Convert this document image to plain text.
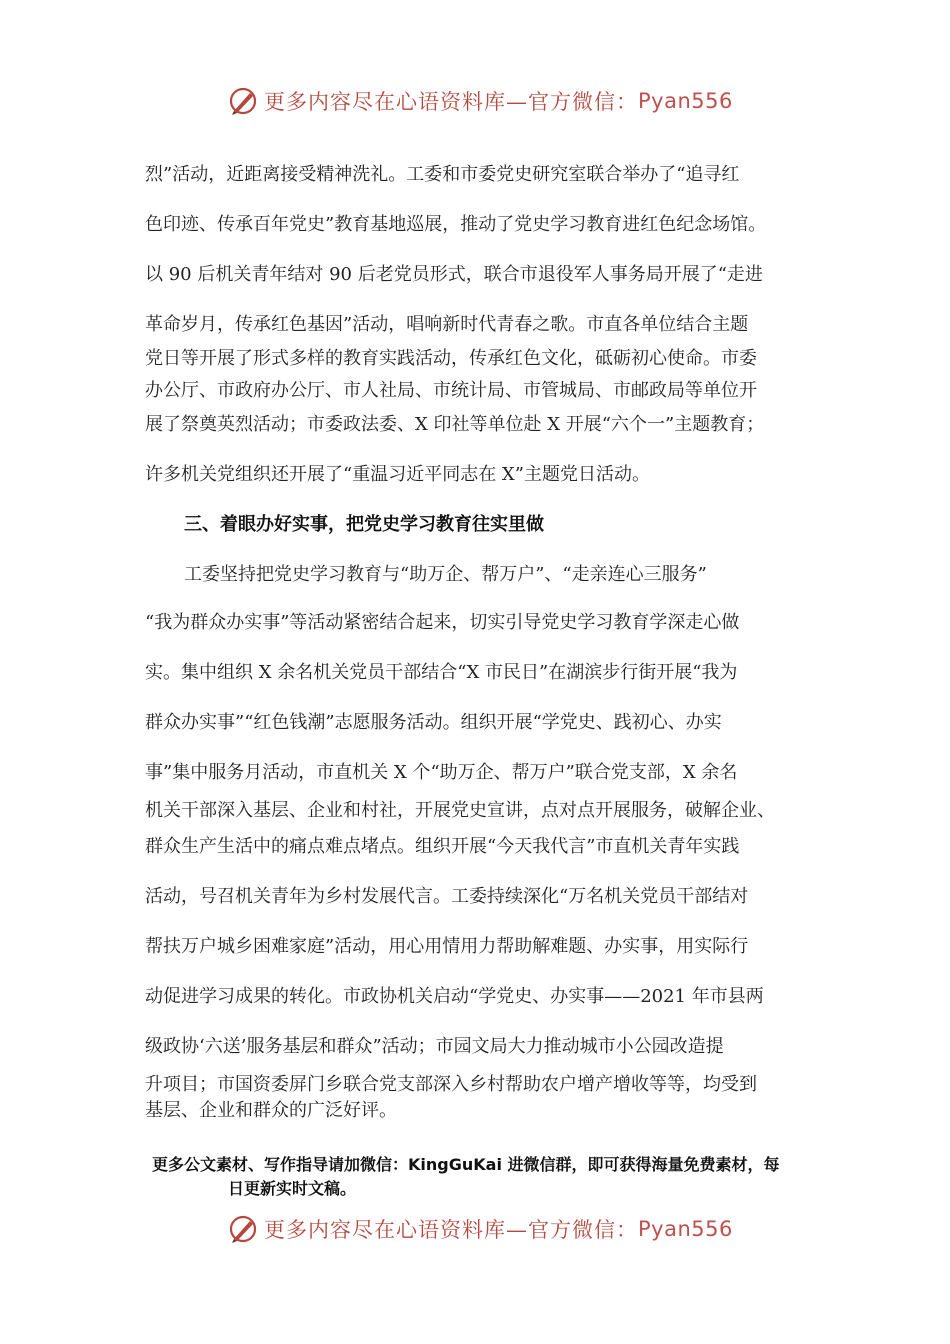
更多内容尽在心语资料库—官方微信： Pyan556
烈”活动，近距离接受精神洗礼。工委和市委党史研究室联合举办了“追寻红
色印迹、传承百年党史”教育基地巡展，推动了党史学习教育进红色纪念场馆。
以 90 后机关青年结对 90 后老党员形式，联合市退役军人事务局开展了“走进
革命岁月，传承红色基因”活动，唱响新时代青春之歌。市直各单位结合主题
党日等开展了形式多样的教育实践活动，传承红色文化，砥砺初心使命。市委
办公厅、市政府办公厅、市人社局、市统计局、市管城局、市邮政局等单位开
展了祭奠英烈活动；市委政法委、X 印社等单位赴 X 开展“六个一”主题教育；
许多机关党组织还开展了“重温习近平同志在 X”主题党日活动。
三、着眼办好实事，把党史学习教育往实里做
工委坚持把党史学习教育与“助万企、帮万户”、“走亲连心三服务”
“我为群众办实事”等活动紧密结合起来，切实引导党史学习教育学深走心做
实。集中组织 X 余名机关党员干部结合“X 市民日”在湖滨步行街开展“我为
群众办实事”“红色钱潮”志愿服务活动。组织开展“学党史、践初心、办实
事”集中服务月活动，市直机关 X 个“助万企、帮万户”联合党支部，X 余名
机关干部深入基层、企业和村社，开展党史宣讲，点对点开展服务，破解企业、
群众生产生活中的痛点难点堵点。组织开展“今天我代言”市直机关青年实践
活动，号召机关青年为乡村发展代言。工委持续深化“万名机关党员干部结对
帮扶万户城乡困难家庭”活动，用心用情用力帮助解难题、办实事，用实际行
动促进学习成果的转化。市政协机关启动“学党史、办实事——2021 年市县两
级政协‘六送’服务基层和群众”活动；市园文局大力推动城市小公园改造提
升项目；市国资委屏门乡联合党支部深入乡村帮助农户增产增收等等，均受到
基层、企业和群众的广泛好评。
更多公文素材、写作指导请加微信：KingGuKai 进微信群，即可获得海量免费素材，每
日更新实时文稿。
更多内容尽在心语资料库—官方微信： Pyan556
